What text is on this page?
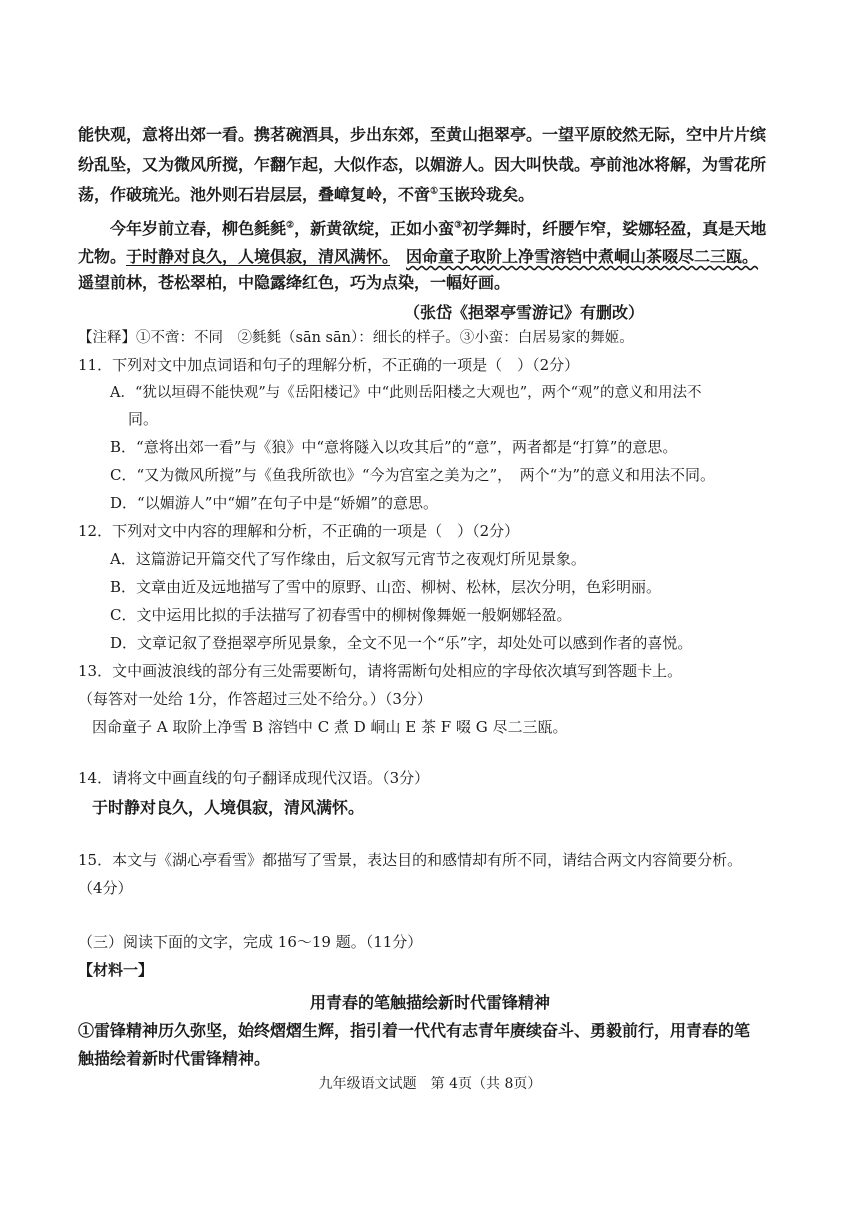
能快观，意将出郊一看。携茗碗酒具，步出东郊，至黄山挹翠亭。一望平原皎然无际，空中片片缤
纷乱坠，又为微风所搅，乍翻乍起，大似作态，以媚游人。因大叫快哉。亭前池冰将解，为雪花所
荡，作破琉光。池外则石岩层层，叠嶂复岭，不啻①玉嵌玲珑矣。
今年岁前立春，柳色毵毵②，新黄欲绽，正如小蛮③初学舞时，纤腰乍窄，娑娜轻盈，真是天地
尤物。于时静对良久，人境俱寂，清风满怀。　 因命童子取阶上净雪溶铛中煮峒山茶啜尽二三瓯。
遥望前林，苍松翠柏，中隐露绛红色，巧为点染，一幅好画。
（张岱《挹翠亭雪游记》有删改）
【注释】①不啻：不同　②毵毵（sān sān）：细长的样子。③小蛮：白居易家的舞姬。
11．下列对文中加点词语和句子的理解分析，不正确的一项是（　）（2分）
A．“犹以垣碍不能快观”与《岳阳楼记》中“此则岳阳楼之大观也”，两个“观”的意义和用法不
同。
B．“意将出郊一看”与《狼》中“意将隧入以攻其后”的“意”，两者都是“打算”的意思。
C．“又为微风所搅”与《鱼我所欲也》“今为宫室之美为之”，　两个“为”的意义和用法不同。
D．“以媚游人”中“媚”在句子中是“娇媚”的意思。
12．下列对文中内容的理解和分析，不正确的一项是（　）（2分）
A．这篇游记开篇交代了写作缘由，后文叙写元宵节之夜观灯所见景象。
B．文章由近及远地描写了雪中的原野、山峦、柳树、松林，层次分明，色彩明丽。
C．文中运用比拟的手法描写了初春雪中的柳树像舞姬一般婀娜轻盈。
D．文章记叙了登挹翠亭所见景象，全文不见一个“乐”字，却处处可以感到作者的喜悦。
13．文中画波浪线的部分有三处需要断句，请将需断句处相应的字母依次填写到答题卡上。
（每答对一处给 1分，作答超过三处不给分。）（3分）
因命童子 A 取阶上净雪 B 溶铛中 C 煮 D 峒山 E 茶 F 啜 G 尽二三瓯。
14．请将文中画直线的句子翻译成现代汉语。（3分）
于时静对良久，人境俱寂，清风满怀。
15．本文与《湖心亭看雪》都描写了雪景，表达目的和感情却有所不同，请结合两文内容简要分析。
（4分）
（三）阅读下面的文字，完成 16～19 题。（11分）
【材料一】
用青春的笔触描绘新时代雷锋精神
①雷锋精神历久弥坚，始终熠熠生辉，指引着一代代有志青年赓续奋斗、勇毅前行，用青春的笔
触描绘着新时代雷锋精神。
九年级语文试题　第 4页（共 8页）
